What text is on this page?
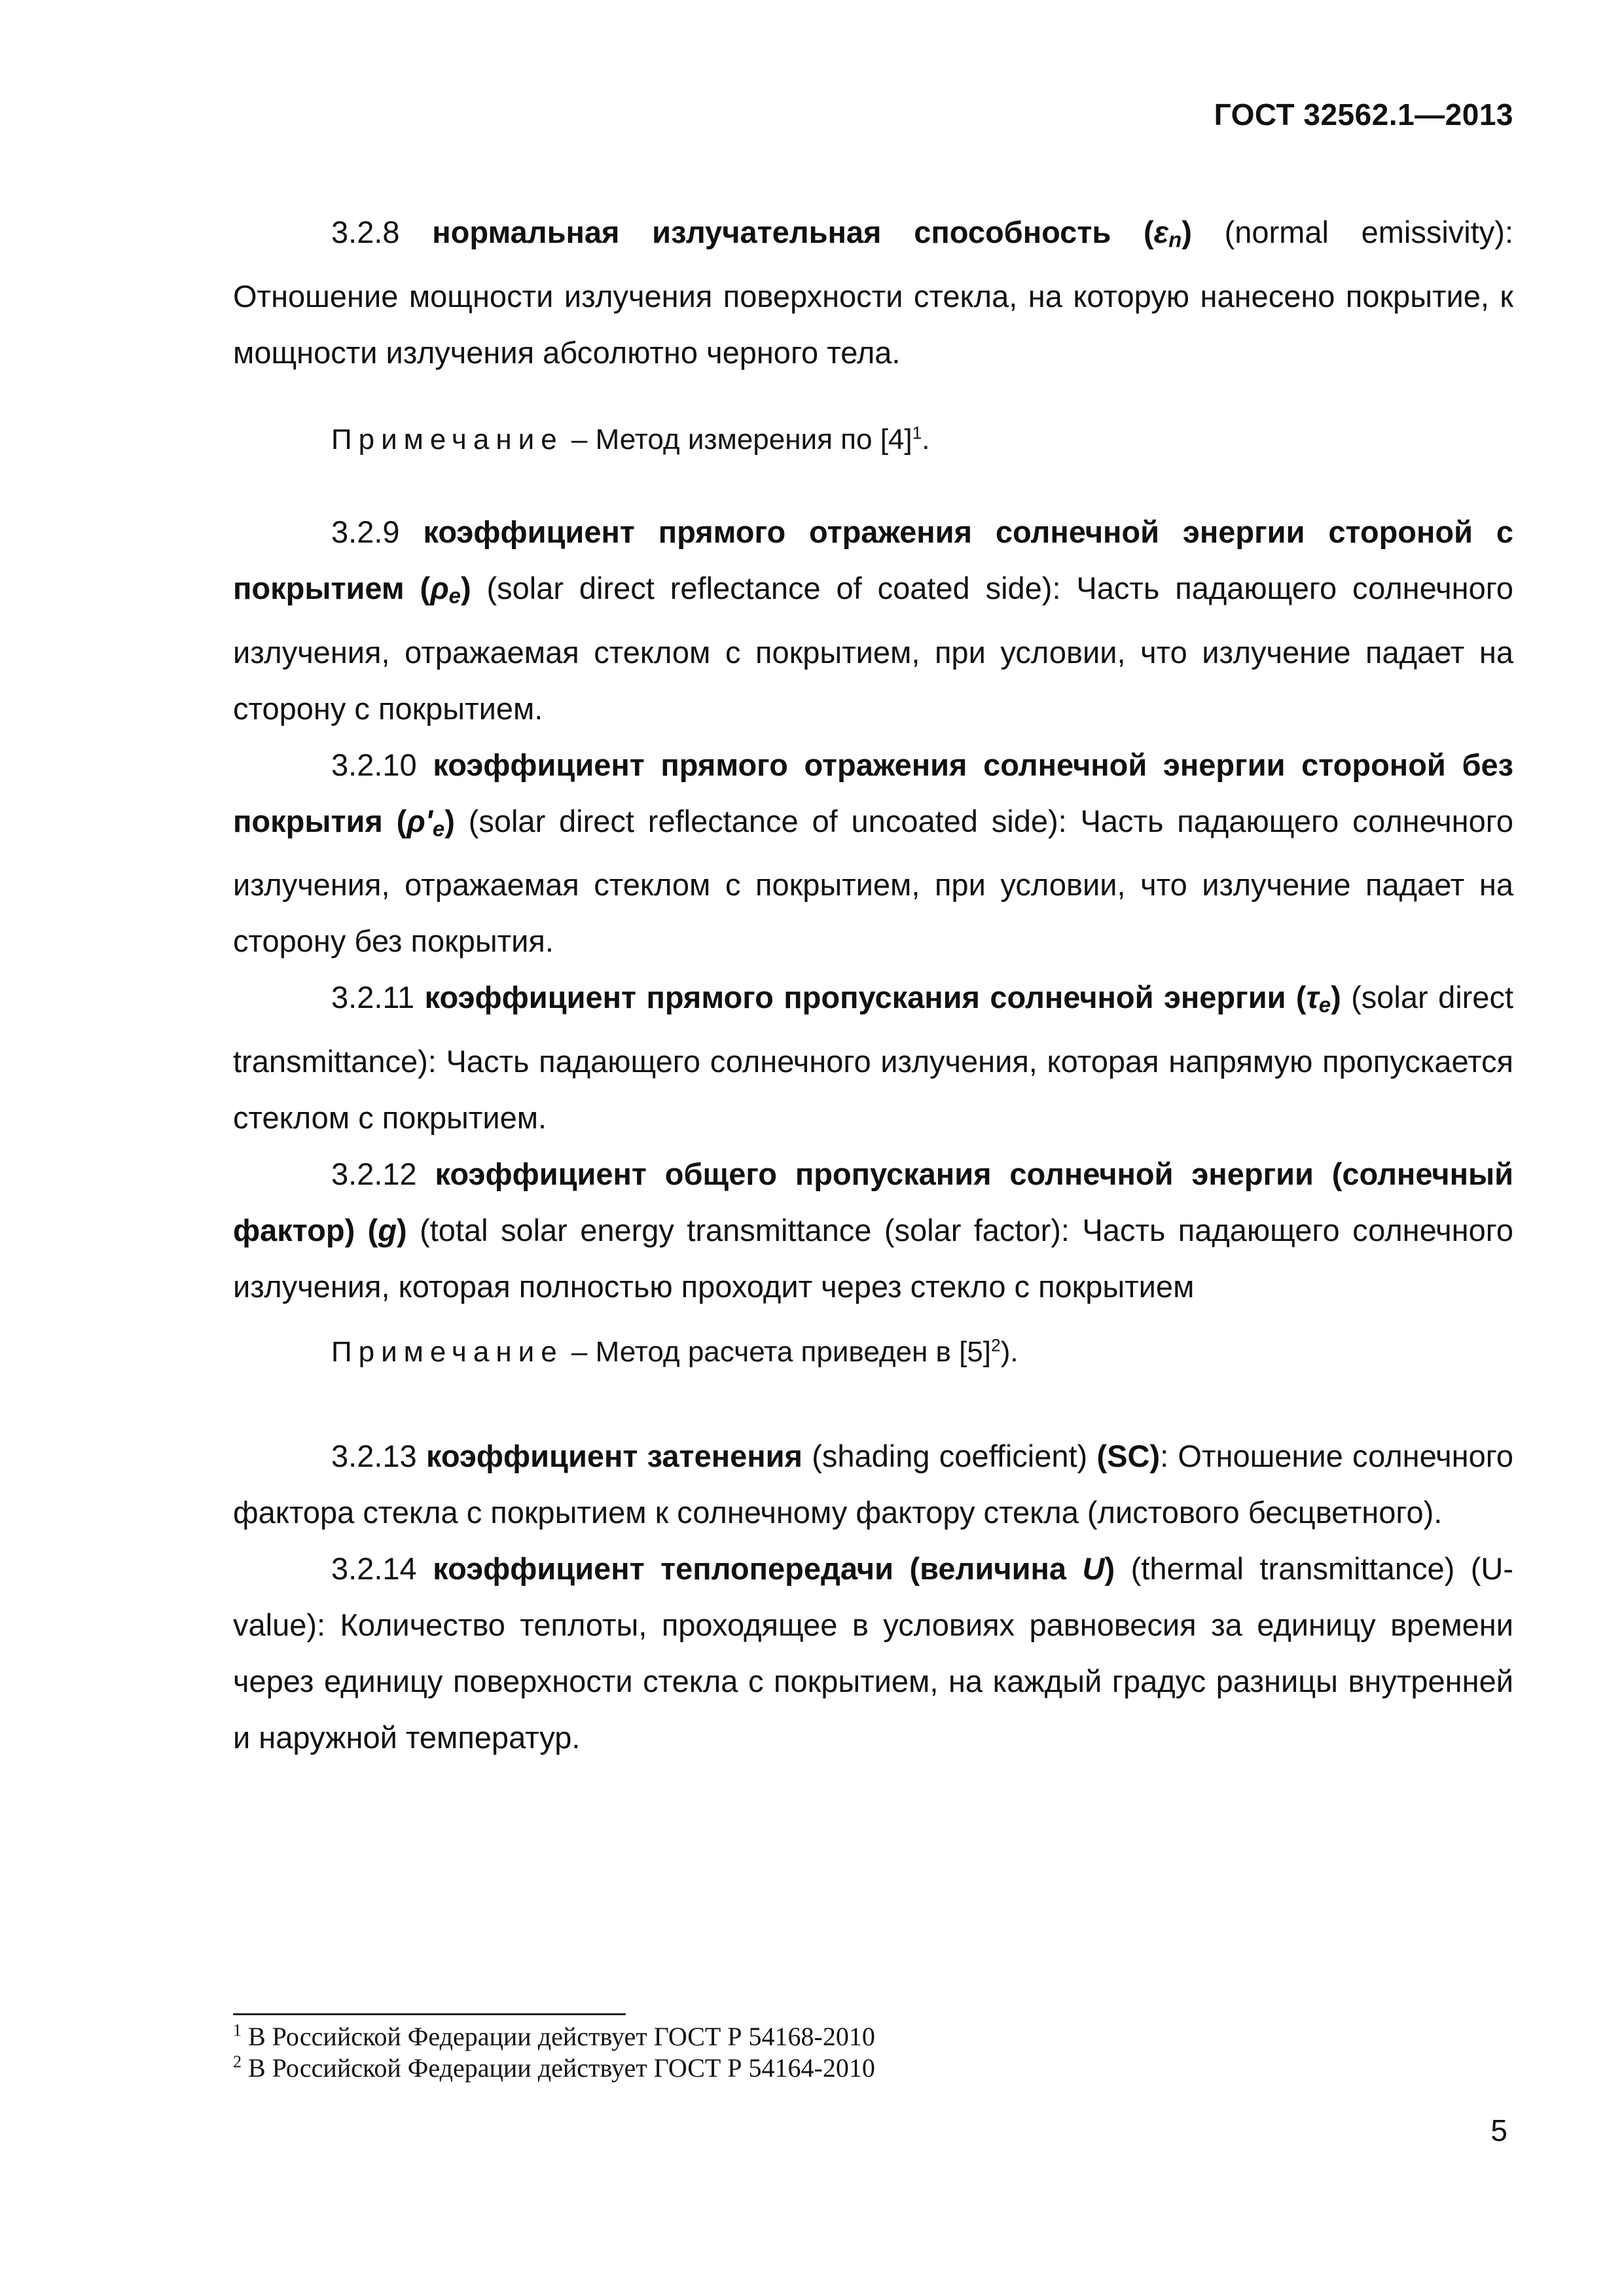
ГОСТ 32562.1—2013

3.2.8 нормальная излучательная способность $(\varepsilon_n)$ (normal emissivity): Отношение мощности излучения поверхности стекла, на которую нанесено покрытие, к мощности излучения абсолютно черного тела.

Примечание – Метод измерения по $[4]^1$.

3.2.9 коэффициент прямого отражения солнечной энергии стороной с покрытием $(\rho_e)$ (solar direct reflectance of coated side): Часть падающего солнечного излучения, отражаемая стеклом с покрытием, при условии, что излучение падает на сторону с покрытием.

3.2.10 коэффициент прямого отражения солнечной энергии стороной без покрытия $(\rho'_e)$ (solar direct reflectance of uncoated side): Часть падающего солнечного излучения, отражаемая стеклом с покрытием, при условии, что излучение падает на сторону без покрытия.

3.2.11 коэффициент прямого пропускания солнечной энергии $(\tau_e)$ (solar direct transmittance): Часть падающего солнечного излучения, которая напрямую пропускается стеклом с покрытием.

3.2.12 коэффициент общего пропускания солнечной энергии (солнечный фактор) (g) (total solar energy transmittance (solar factor): Часть падающего солнечного излучения, которая полностью проходит через стекло с покрытием

Примечание – Метод расчета приведен в $[5]^2$).

3.2.13 коэффициент затенения (shading coefficient) (SC): Отношение солнечного фактора стекла с покрытием к солнечному фактору стекла (листового бесцветного).

3.2.14 коэффициент теплопередачи (величина U) (thermal transmittance) (U-value): Количество теплоты, проходящее в условиях равновесия за единицу времени через единицу поверхности стекла с покрытием, на каждый градус разницы внутренней и наружной температур.

$^1$ В Российской Федерации действует ГОСТ Р 54168-2010
$^2$ В Российской Федерации действует ГОСТ Р 54164-2010
5
